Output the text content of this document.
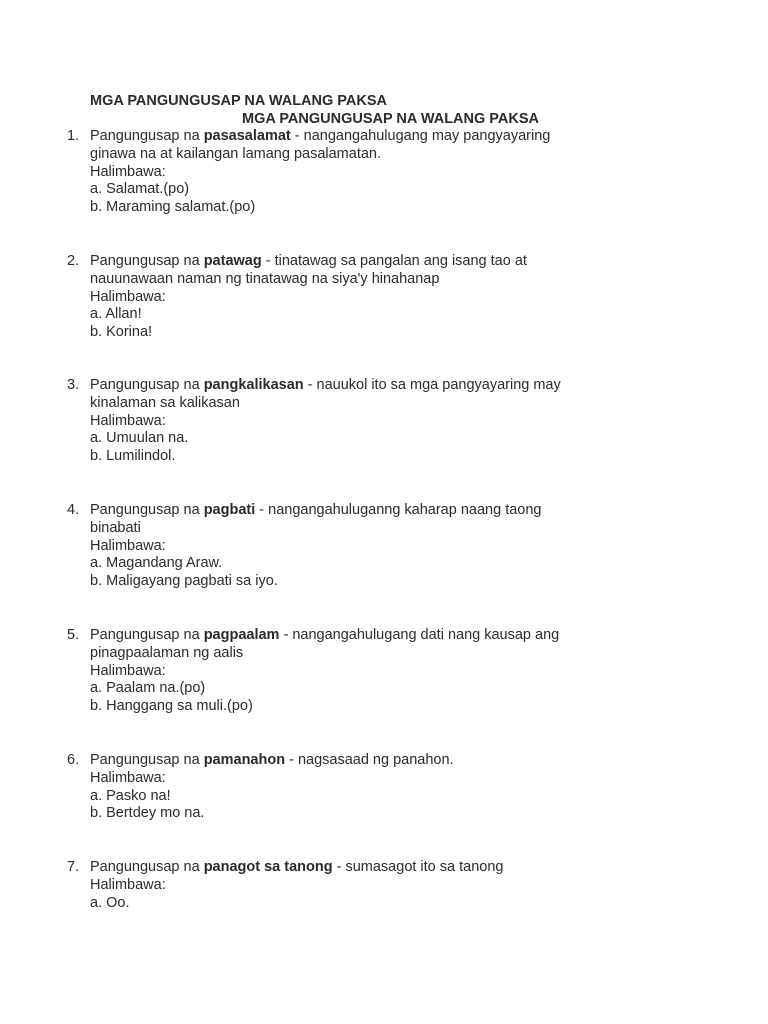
MGA PANGUNGUSAP NA WALANG PAKSA
MGA PANGUNGUSAP NA WALANG PAKSA
1. Pangungusap na pasasalamat - nangangahulugang may pangyayaring
ginawa na at kailangan lamang pasalamatan.
Halimbawa:
a. Salamat.(po)
b. Maraming salamat.(po)
2. Pangungusap na patawag - tinatawag sa pangalan ang isang tao at
nauunawaan naman ng tinatawag na siya'y hinahanap
Halimbawa:
a. Allan!
b. Korina!
3. Pangungusap na pangkalikasan - nauukol ito sa mga pangyayaring may
kinalaman sa kalikasan
Halimbawa:
a. Umuulan na.
b. Lumilindol.
4. Pangungusap na pagbati - nangangahuluganng kaharap naang taong
binabati
Halimbawa:
a. Magandang Araw.
b. Maligayang pagbati sa iyo.
5. Pangungusap na pagpaalam - nangangahulugang dati nang kausap ang
pinagpaalaman ng aalis
Halimbawa:
a. Paalam na.(po)
b. Hanggang sa muli.(po)
6. Pangungusap na pamanahon - nagsasaad ng panahon.
Halimbawa:
a. Pasko na!
b. Bertdey mo na.
7. Pangungusap na panagot sa tanong - sumasagot ito sa tanong
Halimbawa:
a. Oo.
